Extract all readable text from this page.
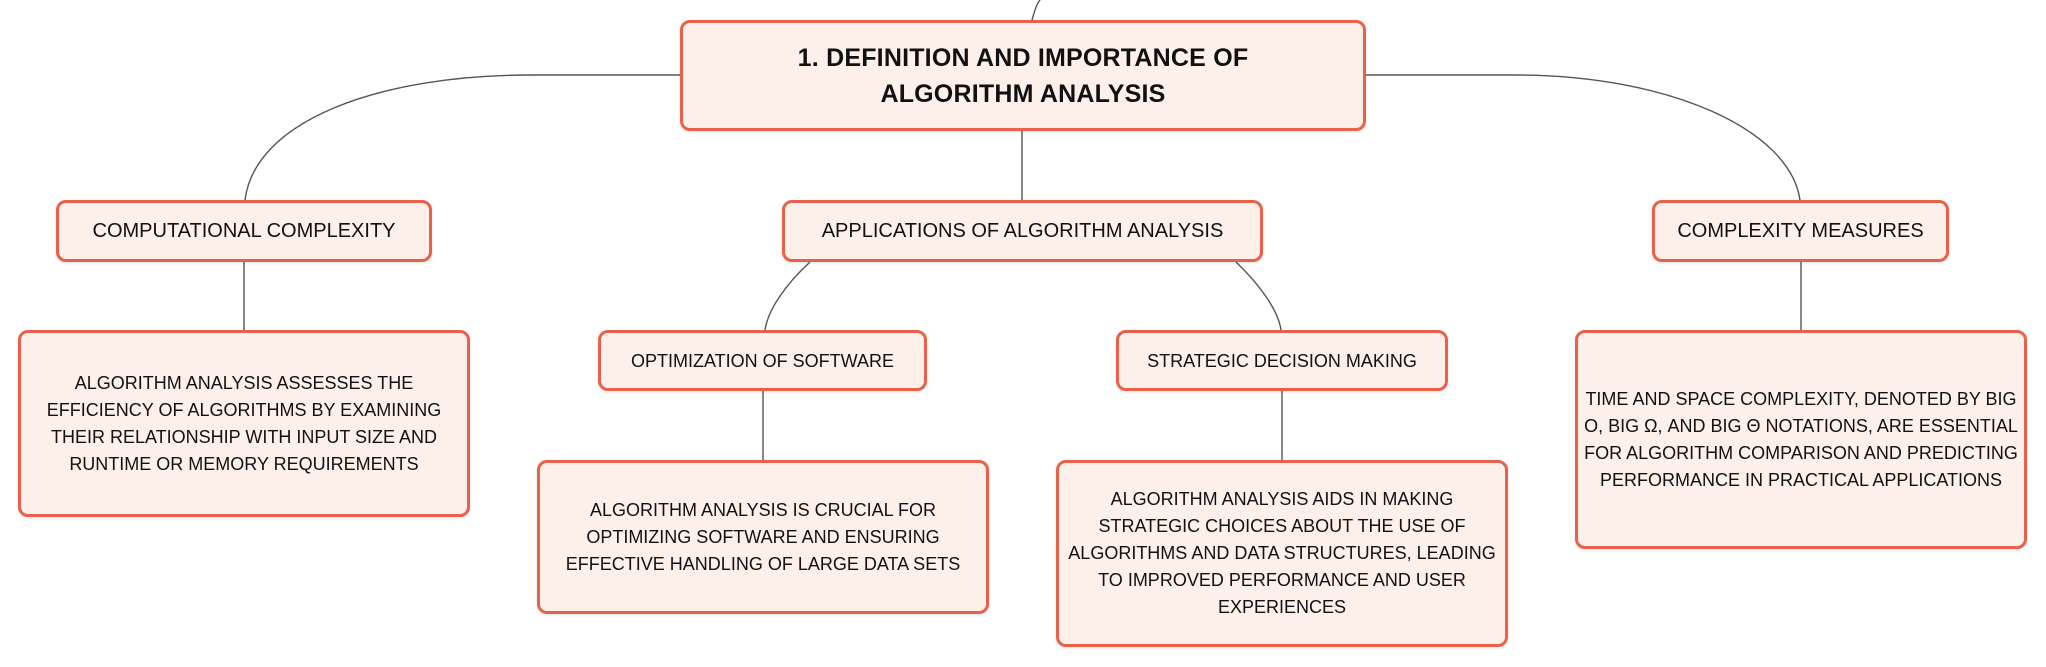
1. DEFINITION AND IMPORTANCE OF ALGORITHM ANALYSIS
COMPUTATIONAL COMPLEXITY	APPLICATIONS OF ALGORITHM ANALYSIS	COMPLEXITY MEASURES
ALGORITHM ANALYSIS ASSESSES THE EFFICIENCY OF ALGORITHMS BY EXAMINING THEIR RELATIONSHIP WITH INPUT SIZE AND RUNTIME OR MEMORY REQUIREMENTS
OPTIMIZATION OF SOFTWARE	STRATEGIC DECISION MAKING
ALGORITHM ANALYSIS IS CRUCIAL FOR OPTIMIZING SOFTWARE AND ENSURING EFFECTIVE HANDLING OF LARGE DATA SETS
ALGORITHM ANALYSIS AIDS IN MAKING STRATEGIC CHOICES ABOUT THE USE OF ALGORITHMS AND DATA STRUCTURES, LEADING TO IMPROVED PERFORMANCE AND USER EXPERIENCES
TIME AND SPACE COMPLEXITY, DENOTED BY BIG O, BIG Ω, AND BIG Θ NOTATIONS, ARE ESSENTIAL FOR ALGORITHM COMPARISON AND PREDICTING PERFORMANCE IN PRACTICAL APPLICATIONS
